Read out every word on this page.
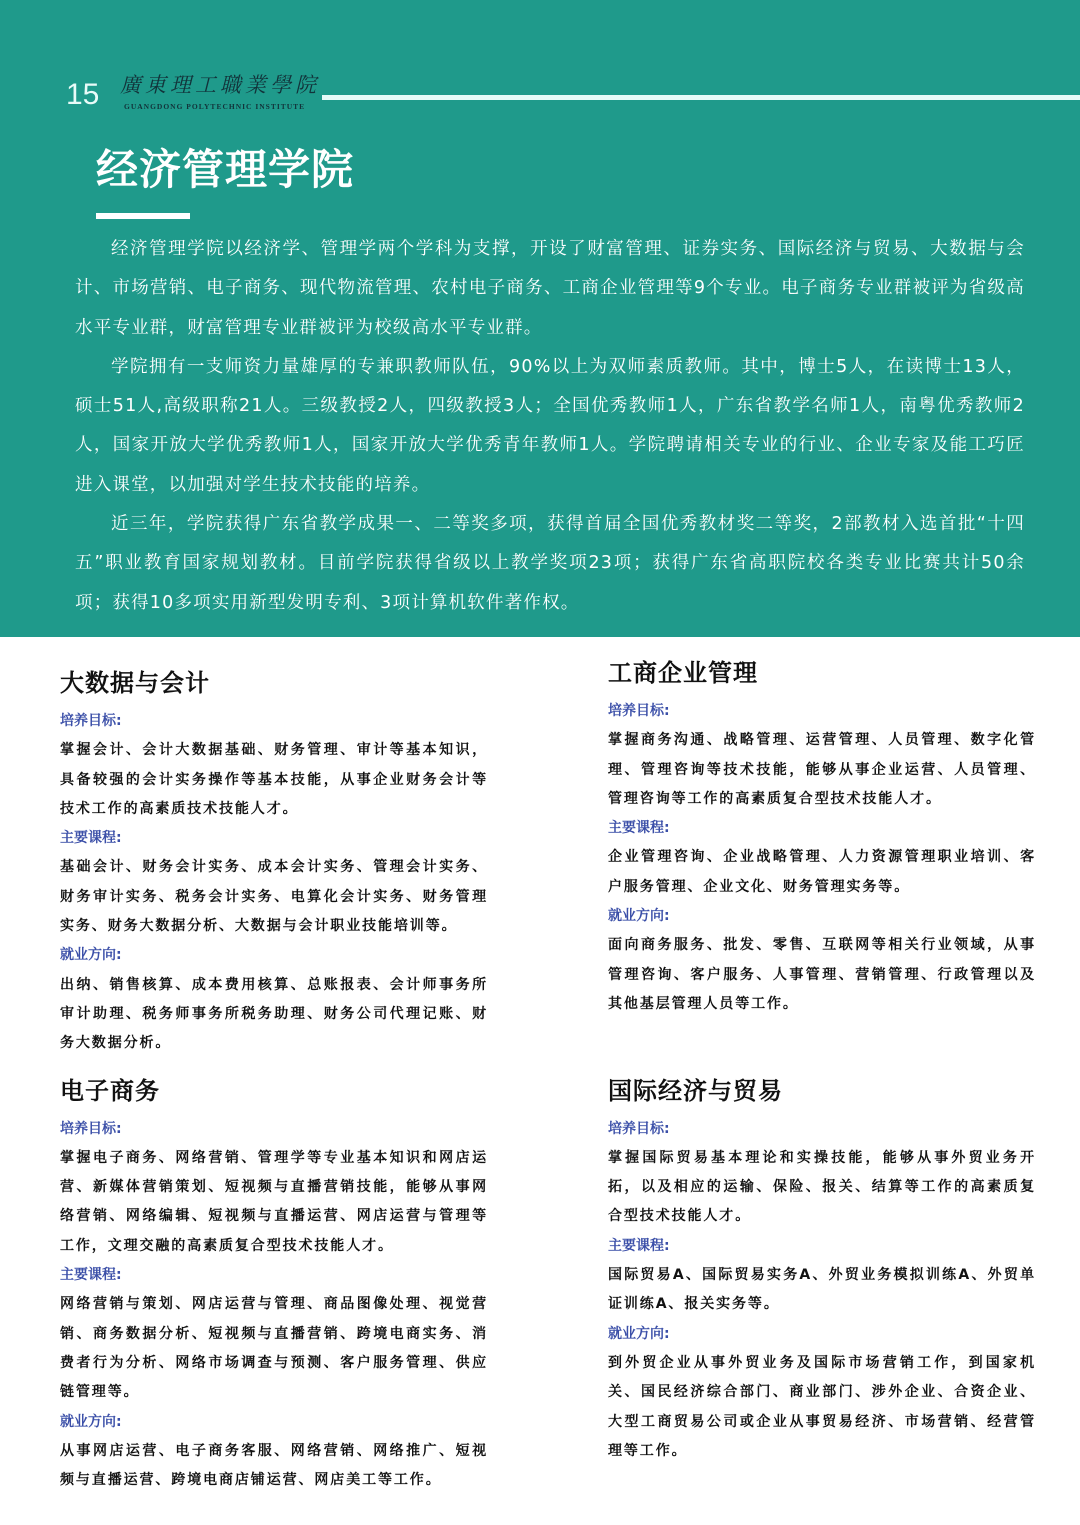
15 廣東理工職業學院
GUANGDONG POLYTECHNIC INSTITUTE
经济管理学院

经济管理学院以经济学、管理学两个学科为支撑，开设了财富管理、证券实务、国际经济与贸易、大数据与会计、市场营销、电子商务、现代物流管理、农村电子商务、工商企业管理等9个专业。电子商务专业群被评为省级高水平专业群，财富管理专业群被评为校级高水平专业群。

学院拥有一支师资力量雄厚的专兼职教师队伍，90%以上为双师素质教师。其中，博士5人，在读博士13人，硕士51人,高级职称21人。三级教授2人，四级教授3人；全国优秀教师1人，广东省教学名师1人，南粤优秀教师2人，国家开放大学优秀教师1人，国家开放大学优秀青年教师1人。学院聘请相关专业的行业、企业专家及能工巧匠进入课堂，以加强对学生技术技能的培养。

近三年，学院获得广东省教学成果一、二等奖多项，获得首届全国优秀教材奖二等奖，2部教材入选首批“十四五”职业教育国家规划教材。目前学院获得省级以上教学奖项23项；获得广东省高职院校各类专业比赛共计50余项；获得10多项实用新型发明专利、3项计算机软件著作权。

大数据与会计
培养目标:

掌握会计、会计大数据基础、财务管理、审计等基本知识，具备较强的会计实务操作等基本技能，从事企业财务会计等技术工作的高素质技术技能人才。

主要课程:

基础会计、财务会计实务、成本会计实务、管理会计实务、财务审计实务、税务会计实务、电算化会计实务、财务管理实务、财务大数据分析、大数据与会计职业技能培训等。

就业方向:

出纳、销售核算、成本费用核算、总账报表、会计师事务所审计助理、税务师事务所税务助理、财务公司代理记账、财务大数据分析。

工商企业管理
培养目标:

掌握商务沟通、战略管理、运营管理、人员管理、数字化管理、管理咨询等技术技能，能够从事企业运营、人员管理、管理咨询等工作的高素质复合型技术技能人才。

主要课程:

企业管理咨询、企业战略管理、人力资源管理职业培训、客户服务管理、企业文化、财务管理实务等。

就业方向:

面向商务服务、批发、零售、互联网等相关行业领域，从事管理咨询、客户服务、人事管理、营销管理、行政管理以及其他基层管理人员等工作。

电子商务
培养目标:

掌握电子商务、网络营销、管理学等专业基本知识和网店运营、新媒体营销策划、短视频与直播营销技能，能够从事网络营销、网络编辑、短视频与直播运营、网店运营与管理等工作，文理交融的高素质复合型技术技能人才。

主要课程:

网络营销与策划、网店运营与管理、商品图像处理、视觉营销、商务数据分析、短视频与直播营销、跨境电商实务、消费者行为分析、网络市场调查与预测、客户服务管理、供应链管理等。

就业方向:

从事网店运营、电子商务客服、网络营销、网络推广、短视频与直播运营、跨境电商店铺运营、网店美工等工作。

国际经济与贸易
培养目标:

掌握国际贸易基本理论和实操技能，能够从事外贸业务开拓，以及相应的运输、保险、报关、结算等工作的高素质复合型技术技能人才。

主要课程:

国际贸易A、国际贸易实务A、外贸业务模拟训练A、外贸单证训练A、报关实务等。

就业方向:

到外贸企业从事外贸业务及国际市场营销工作，到国家机关、国民经济综合部门、商业部门、涉外企业、合资企业、大型工商贸易公司或企业从事贸易经济、市场营销、经营管理等工作。
